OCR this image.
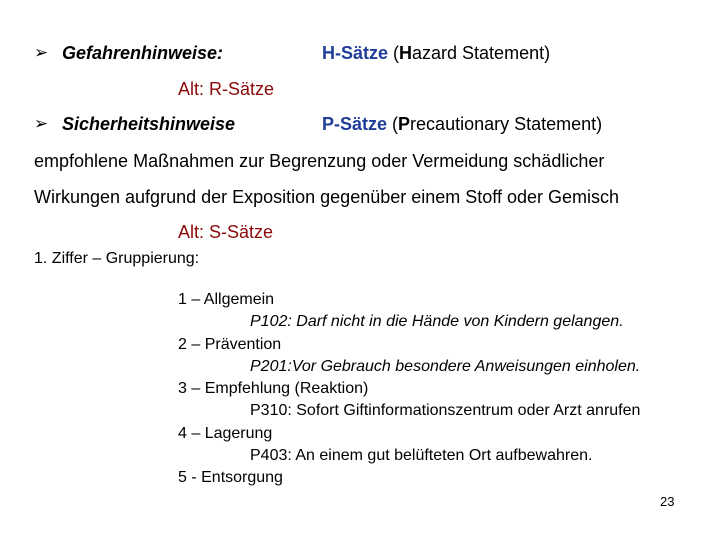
➢ Gefahrenhinweise:	H-Sätze (Hazard Statement)
Alt: R-Sätze
➢ Sicherheitshinweise	P-Sätze (Precautionary Statement)
empfohlene Maßnahmen zur Begrenzung oder Vermeidung schädlicher
Wirkungen aufgrund der Exposition gegenüber einem Stoff oder Gemisch
Alt: S-Sätze
1. Ziffer – Gruppierung:
1 – Allgemein
P102: Darf nicht in die Hände von Kindern gelangen.
2 – Prävention
P201:Vor Gebrauch besondere Anweisungen einholen.
3 – Empfehlung (Reaktion)
P310: Sofort Giftinformationszentrum oder Arzt anrufen
4 – Lagerung
P403: An einem gut belüfteten Ort aufbewahren.
5 - Entsorgung
23
